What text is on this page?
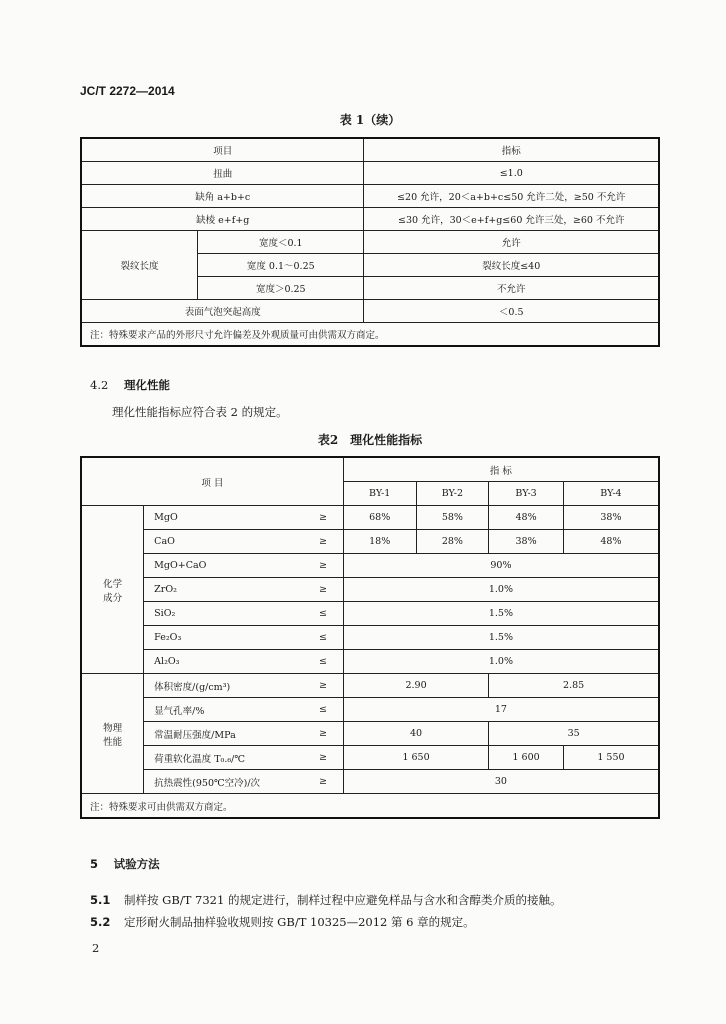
JC/T 2272—2014
表 1（续）
项目		指标
扭曲		≤1.0
缺角 a+b+c		≤20 允许，20＜a+b+c≤50 允许二处，≥50 不允许
缺棱 e+f+g		≤30 允许，30＜e+f+g≤60 允许三处，≥60 不允许
裂纹长度	宽度＜0.1	允许
	宽度 0.1～0.25	裂纹长度≤40
	宽度＞0.25	不允许
表面气泡突起高度		＜0.5
注：特殊要求产品的外形尺寸允许偏差及外观质量可由供需双方商定。		
4.2 理化性能
理化性能指标应符合表 2 的规定。
表2　理化性能指标
项 目			指 标			
			BY-1	BY-2	BY-3	BY-4
化学
成分	MgO	≥	68%	58%	48%	38%
	CaO	≥	18%	28%	38%	48%
	MgO+CaO	≥	90%			
	ZrO₂	≥	1.0%			
	SiO₂	≤	1.5%			
	Fe₂O₃	≤	1.5%			
	Al₂O₃	≤	1.0%			
物理
性能	体积密度/(g/cm³)	≥	2.90		2.85	
	显气孔率/%	≤	17			
	常温耐压强度/MPa	≥	40		35	
	荷重软化温度 T₀.₆/℃	≥	1 650		1 600	1 550
	抗热震性(950℃空冷)/次	≥	30			
注：特殊要求可由供需双方商定。						
5 试验方法
5.1 制样按 GB/T 7321 的规定进行，制样过程中应避免样品与含水和含醇类介质的接触。
5.2 定形耐火制品抽样验收规则按 GB/T 10325—2012 第 6 章的规定。
2
